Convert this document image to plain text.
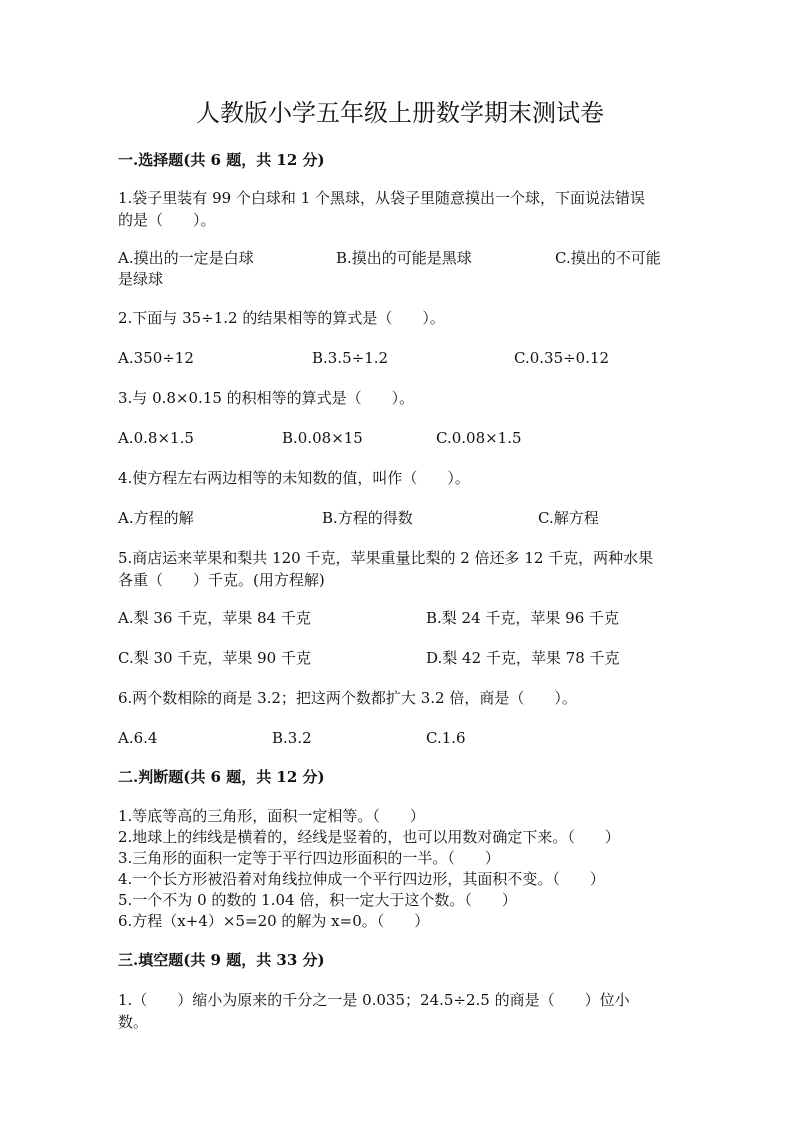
人教版小学五年级上册数学期末测试卷
一.选择题(共 6 题，共 12 分)
1.袋子里装有 99 个白球和 1 个黑球，从袋子里随意摸出一个球，下面说法错误
的是（　　）。
A.摸出的一定是白球	B.摸出的可能是黑球	C.摸出的不可能
是绿球
2.下面与 35÷1.2 的结果相等的算式是（　　）。
A.350÷12	B.3.5÷1.2	C.0.35÷0.12
3.与 0.8×0.15 的积相等的算式是（　　）。
A.0.8×1.5	B.0.08×15	C.0.08×1.5
4.使方程左右两边相等的未知数的值，叫作（　　）。
A.方程的解	B.方程的得数	C.解方程
5.商店运来苹果和梨共 120 千克，苹果重量比梨的 2 倍还多 12 千克，两种水果
各重（　　）千克。(用方程解)
A.梨 36 千克，苹果 84 千克	B.梨 24 千克，苹果 96 千克
C.梨 30 千克，苹果 90 千克	D.梨 42 千克，苹果 78 千克
6.两个数相除的商是 3.2；把这两个数都扩大 3.2 倍，商是（　　）。
A.6.4	B.3.2	C.1.6
二.判断题(共 6 题，共 12 分)
1.等底等高的三角形，面积一定相等。（　　）
2.地球上的纬线是横着的，经线是竖着的，也可以用数对确定下来。（　　）
3.三角形的面积一定等于平行四边形面积的一半。（　　）
4.一个长方形被沿着对角线拉伸成一个平行四边形，其面积不变。（　　）
5.一个不为 0 的数的 1.04 倍，积一定大于这个数。（　　）
6.方程（x+4）×5=20 的解为 x=0。（　　）
三.填空题(共 9 题，共 33 分)
1.（　　）缩小为原来的千分之一是 0.035；24.5÷2.5 的商是（　　）位小
数。
